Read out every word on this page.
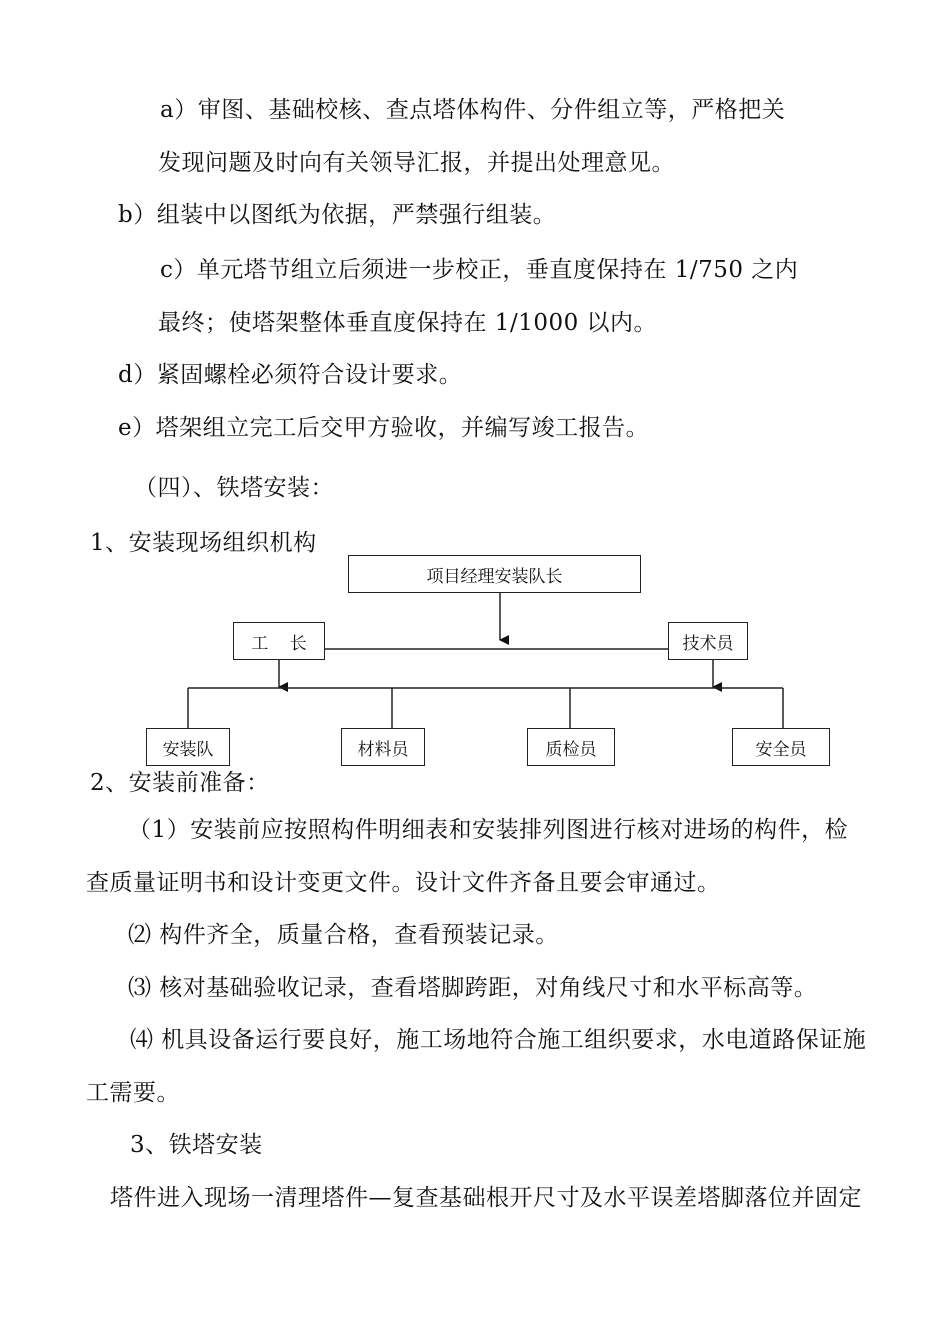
a）审图、基础校核、查点塔体构件、分件组立等，严格把关
发现问题及时向有关领导汇报，并提出处理意见。
b）组装中以图纸为依据，严禁强行组装。
c）单元塔节组立后须进一步校正，垂直度保持在 1/750 之内
最终；使塔架整体垂直度保持在 1/1000 以内。
d）紧固螺栓必须符合设计要求。
e）塔架组立完工后交甲方验收，并编写竣工报告。
（四）、铁塔安装：
1、安装现场组织机构
项目经理安装队长
工    长	技术员
安装队	材料员	质检员	安全员
2、安装前准备：
（1）安装前应按照构件明细表和安装排列图进行核对进场的构件，检
查质量证明书和设计变更文件。设计文件齐备且要会审通过。
⑵ 构件齐全，质量合格，查看预装记录。
⑶ 核对基础验收记录，查看塔脚跨距，对角线尺寸和水平标高等。
⑷ 机具设备运行要良好，施工场地符合施工组织要求，水电道路保证施
工需要。
3、铁塔安装
塔件进入现场一清理塔件—复查基础根开尺寸及水平误差塔脚落位并固定
